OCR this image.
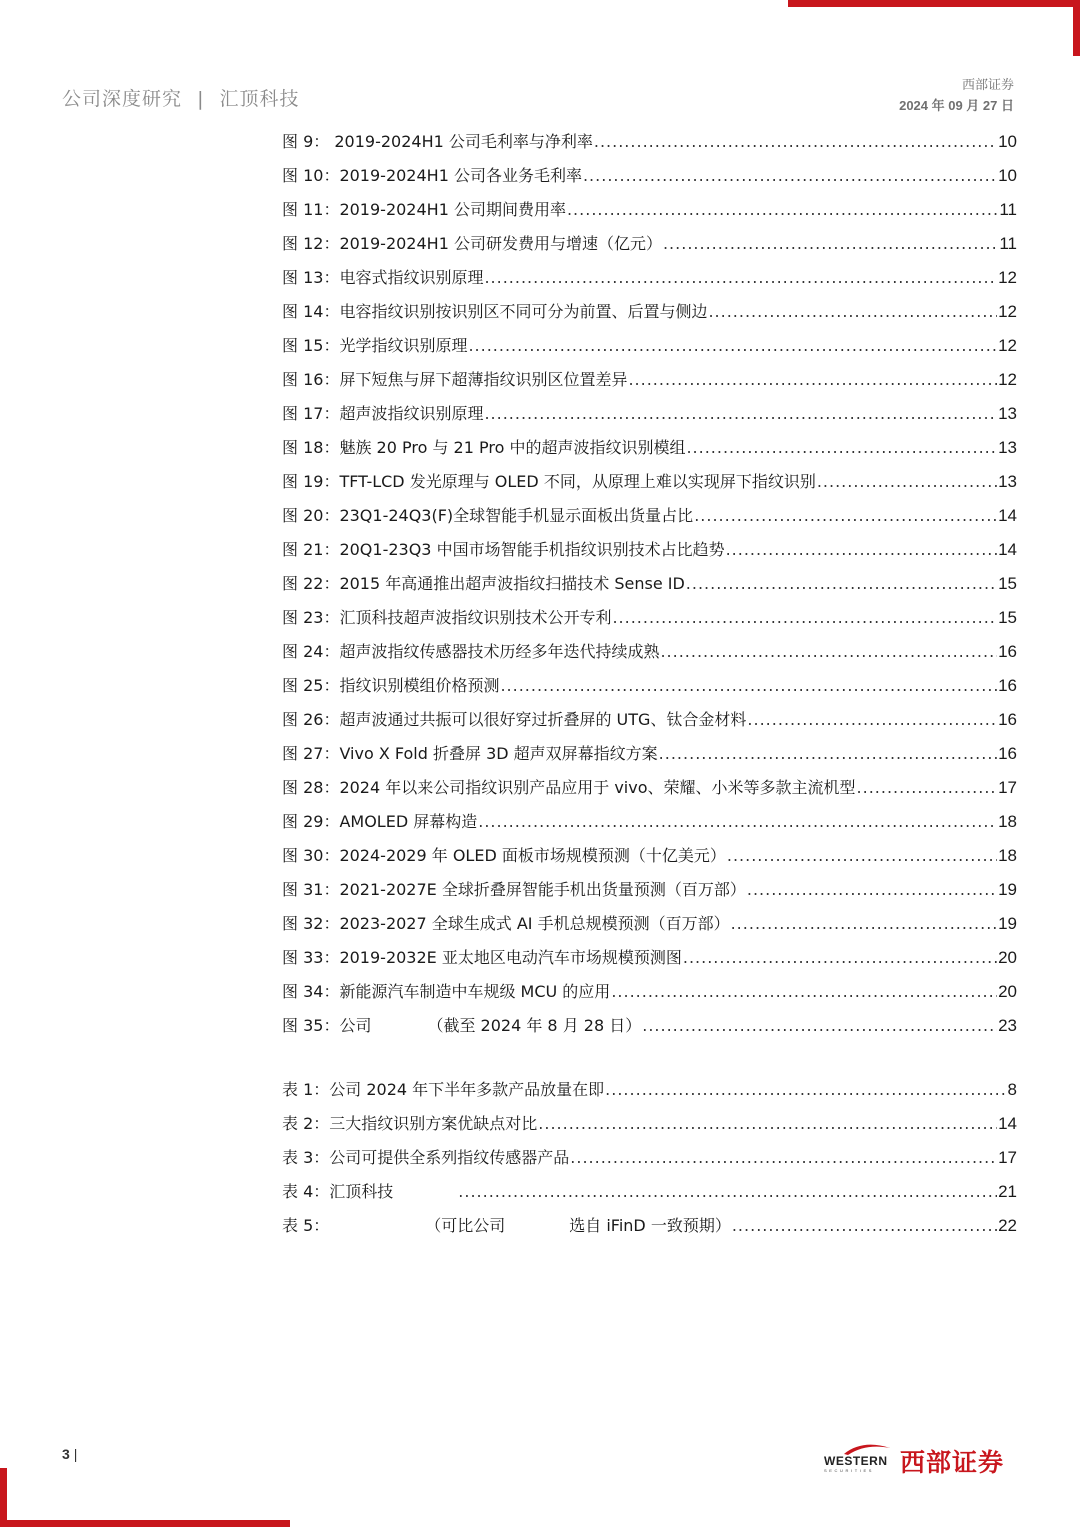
公司深度研究 | 汇顶科技
西部证券
2024 年 09 月 27 日
图 9： 2019-2024H1 公司毛利率与净利率 .....	10
图 10：2019-2024H1 公司各业务毛利率 .....	10
图 11：2019-2024H1 公司期间费用率 .....	11
图 12：2019-2024H1 公司研发费用与增速（亿元） .....	11
图 13：电容式指纹识别原理 .....	12
图 14：电容指纹识别按识别区不同可分为前置、后置与侧边 .....	12
图 15：光学指纹识别原理 .....	12
图 16：屏下短焦与屏下超薄指纹识别区位置差异 .....	12
图 17：超声波指纹识别原理 .....	13
图 18：魅族 20 Pro 与 21 Pro 中的超声波指纹识别模组 .....	13
图 19：TFT-LCD 发光原理与 OLED 不同，从原理上难以实现屏下指纹识别 .....	13
图 20：23Q1-24Q3(F)全球智能手机显示面板出货量占比 .....	14
图 21：20Q1-23Q3 中国市场智能手机指纹识别技术占比趋势 .....	14
图 22：2015 年高通推出超声波指纹扫描技术 Sense ID .....	15
图 23：汇顶科技超声波指纹识别技术公开专利 .....	15
图 24：超声波指纹传感器技术历经多年迭代持续成熟 .....	16
图 25：指纹识别模组价格预测 .....	16
图 26：超声波通过共振可以很好穿过折叠屏的 UTG、钛合金材料 .....	16
图 27：Vivo X Fold 折叠屏 3D 超声双屏幕指纹方案 .....	16
图 28：2024 年以来公司指纹识别产品应用于 vivo、荣耀、小米等多款主流机型 .....	17
图 29：AMOLED 屏幕构造 .....	18
图 30：2024-2029 年 OLED 面板市场规模预测（十亿美元） .....	18
图 31：2021-2027E 全球折叠屏智能手机出货量预测（百万部） .....	19
图 32：2023-2027 全球生成式 AI 手机总规模预测（百万部） .....	19
图 33：2019-2032E 亚太地区电动汽车市场规模预测图 .....	20
图 34：新能源汽车制造中车规级 MCU 的应用 .....	20
图 35：公司　　　　（截至 2024 年 8 月 28 日） .....	23
表 1：公司 2024 年下半年多款产品放量在即 .....	8
表 2：三大指纹识别方案优缺点对比 .....	14
表 3：公司可提供全系列指纹传感器产品 .....	17
表 4：汇顶科技　　　　 .....	21
表 5：　　　　　　　（可比公司　　　　选自 iFinD 一致预期） .....	22
3 |	WESTERN
SECURITIES 西部证券
